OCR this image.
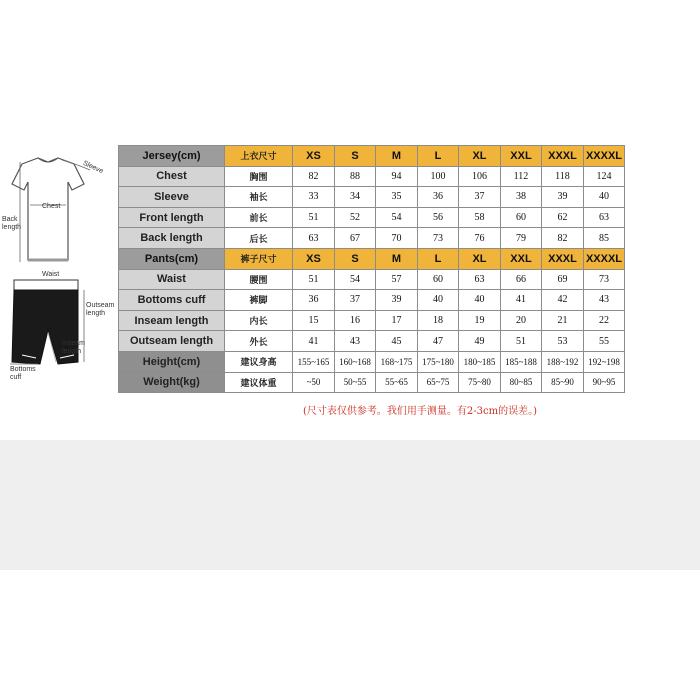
Sleeve
Chest
Back
length
Waist
Outseam
length
Inseam
length
Bottoms
cuff
Jersey(cm)	上衣尺寸	XS	S	M	L	XL	XXL	XXXL	XXXXL
Chest	胸围	82	88	94	100	106	112	118	124
Sleeve	袖长	33	34	35	36	37	38	39	40
Front length	前长	51	52	54	56	58	60	62	63
Back length	后长	63	67	70	73	76	79	82	85
Pants(cm)	裤子尺寸	XS	S	M	L	XL	XXL	XXXL	XXXXL
Waist	腰围	51	54	57	60	63	66	69	73
Bottoms cuff	裤脚	36	37	39	40	40	41	42	43
Inseam length	内长	15	16	17	18	19	20	21	22
Outseam length	外长	41	43	45	47	49	51	53	55
Height(cm)	建议身高	155~165	160~168	168~175	175~180	180~185	185~188	188~192	192~198
Weight(kg)	建议体重	~50	50~55	55~65	65~75	75~80	80~85	85~90	90~95
(尺寸表仅供参考。我们用手测量。有2-3cm的误差。)
